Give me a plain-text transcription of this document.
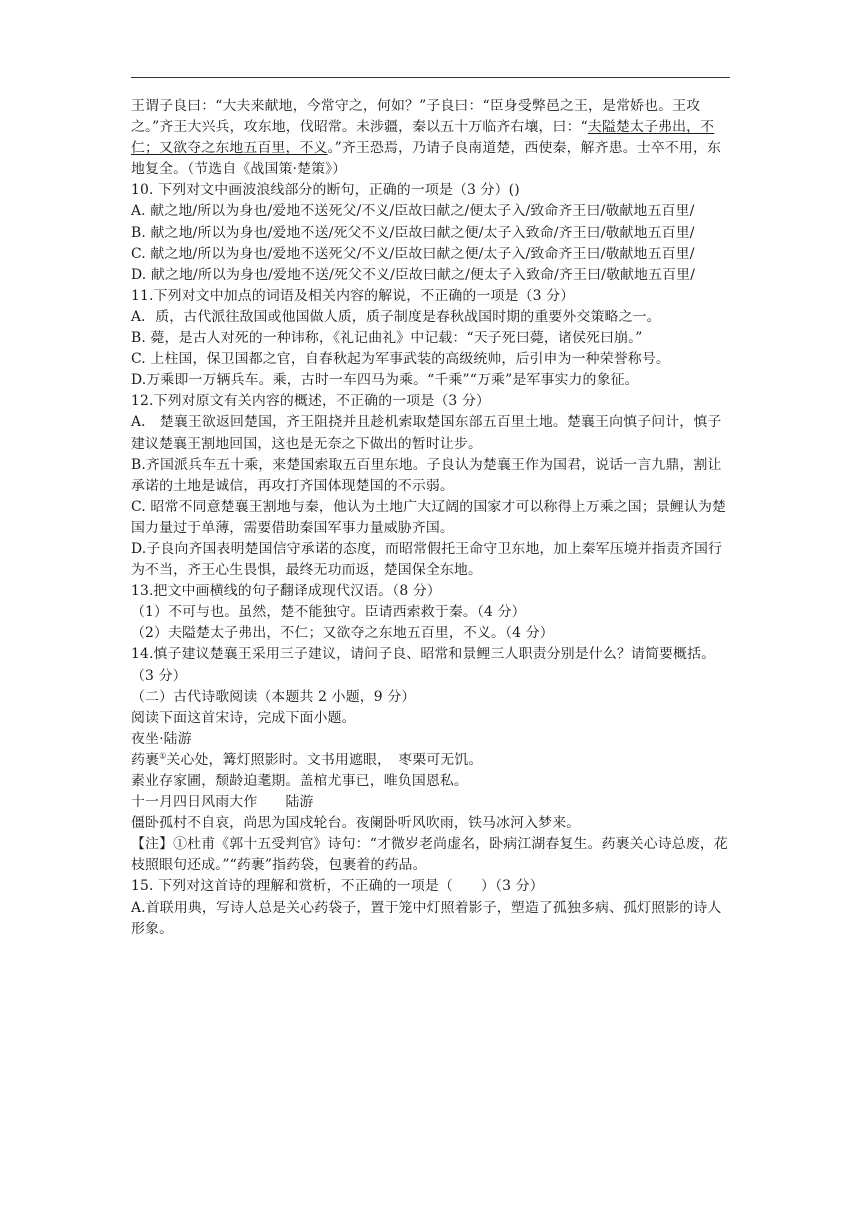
王谓子良曰：“大夫来献地，今常守之，何如？”子良曰：“臣身受弊邑之王，是常娇也。王攻之。”齐王大兴兵，攻东地，伐昭常。未涉疆，秦以五十万临齐右壤，曰：“夫隘楚太子弗出，不仁；又欲夺之东地五百里，不义。”齐王恐焉，乃请子良南道楚，西使秦，解齐患。士卒不用，东地复全。（节选自《战国策·楚策》）

10. 下列对文中画波浪线部分的断句，正确的一项是（3 分）()

A. 献之地/所以为身也/爱地不送死父/不义/臣故曰献之/便太子入/致命齐王曰/敬献地五百里/

B. 献之地/所以为身也/爱地不送/死父不义/臣故曰献之便/太子入致命/齐王曰/敬献地五百里/

C. 献之地/所以为身也/爱地不送死父/不义/臣故曰献之便/太子入/致命齐王曰/敬献地五百里/

D. 献之地/所以为身也/爱地不送/死父不义/臣故曰献之/便太子入致命/齐王曰/敬献地五百里/

11.下列对文中加点的词语及相关内容的解说，不正确的一项是（3 分）

A．质，古代派往敌国或他国做人质，质子制度是春秋战国时期的重要外交策略之一。

B. 薨，是古人对死的一种讳称，《礼记曲礼》中记载：“天子死曰薨，诸侯死曰崩。”

C. 上柱国，保卫国都之官，自春秋起为军事武装的高级统帅，后引申为一种荣誉称号。

D.万乘即一万辆兵车。乘，古时一车四马为乘。“千乘”“万乘”是军事实力的象征。

12.下列对原文有关内容的概述，不正确的一项是（3 分）

A． 楚襄王欲返回楚国，齐王阻挠并且趁机索取楚国东部五百里土地。楚襄王向慎子问计，慎子建议楚襄王割地回国，这也是无奈之下做出的暂时让步。

B.齐国派兵车五十乘，来楚国索取五百里东地。子良认为楚襄王作为国君，说话一言九鼎，割让承诺的土地是诚信，再攻打齐国体现楚国的不示弱。

C. 昭常不同意楚襄王割地与秦，他认为土地广大辽阔的国家才可以称得上万乘之国；景鲤认为楚国力量过于单薄，需要借助秦国军事力量威胁齐国。

D.子良向齐国表明楚国信守承诺的态度，而昭常假托王命守卫东地，加上秦军压境并指责齐国行为不当，齐王心生畏惧，最终无功而返，楚国保全东地。

13.把文中画横线的句子翻译成现代汉语。（8 分）

（1）不可与也。虽然，楚不能独守。臣请西索救于秦。（4 分）

（2）夫隘楚太子弗出，不仁；又欲夺之东地五百里，不义。（4 分）

14.慎子建议楚襄王采用三子建议，请问子良、昭常和景鲤三人职责分别是什么？请简要概括。（3 分）

（二）古代诗歌阅读（本题共 2 小题，9 分）

阅读下面这首宋诗，完成下面小题。

夜坐·陆游

药裹①关心处，篝灯照影时。文书用遮眼，　枣栗可无饥。

素业存家圃，颓龄迫耄期。盖棺尤事已，唯负国恩私。

十一月四日风雨大作　　陆游

僵卧孤村不自哀，尚思为国戍轮台。夜阑卧听风吹雨，铁马冰河入梦来。

【注】①杜甫《郭十五受判官》诗句：“才微岁老尚虚名，卧病江湖春复生。药裹关心诗总废，花枝照眼句还成。”“药裹”指药袋，包裹着的药品。

15. 下列对这首诗的理解和赏析，不正确的一项是（　　）（3 分）

A.首联用典，写诗人总是关心药袋子，置于笼中灯照着影子，塑造了孤独多病、孤灯照影的诗人形象。
